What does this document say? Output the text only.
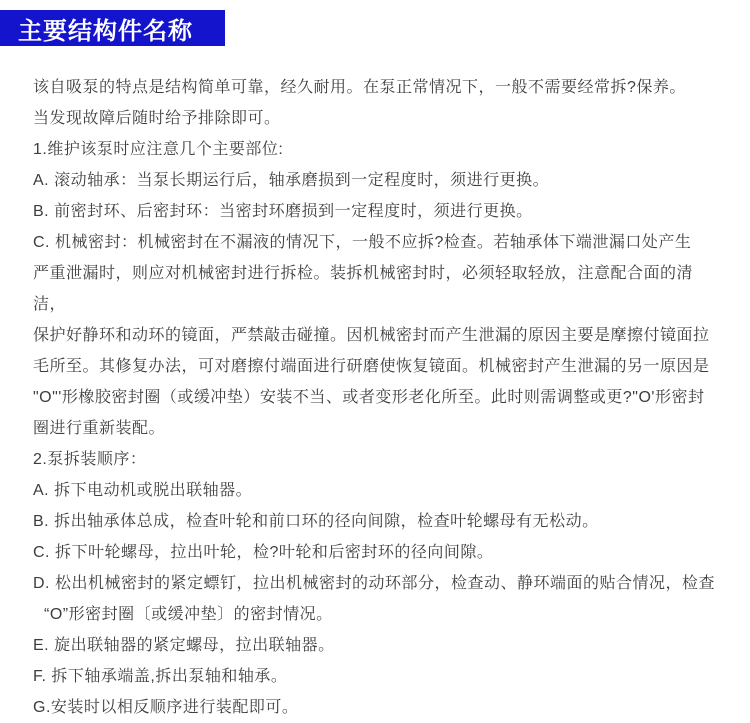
主要结构件名称
该自吸泵的特点是结构简单可靠，经久耐用。在泵正常情况下，一般不需要经常拆?保养。
当发现故障后随时给予排除即可。
1.维护该泵时应注意几个主要部位:
A. 滚动轴承：当泵长期运行后，轴承磨损到一定程度时，须进行更换。
B. 前密封环、后密封环：当密封环磨损到一定程度时，须进行更换。
C. 机械密封：机械密封在不漏液的情况下，一般不应拆?检查。若轴承体下端泄漏口处产生
严重泄漏时，则应对机械密封进行拆检。装拆机械密封时，必须轻取轻放，注意配合面的清洁，
保护好静环和动环的镜面，严禁敲击碰撞。因机械密封而产生泄漏的原因主要是摩擦付镜面拉
毛所至。其修复办法，可对磨擦付端面进行研磨使恢复镜面。机械密封产生泄漏的另一原因是
"O"'形橡胶密封圈（或缓冲垫）安装不当、或者变形老化所至。此时则需调整或更?"O'形密封
圈进行重新装配。
2.泵拆装顺序：
A. 拆下电动机或脱出联轴器。
B. 拆出轴承体总成，检查叶轮和前口环的径向间隙，检查叶轮螺母有无松动。
C. 拆下叶轮螺母，拉出叶轮，检?叶轮和后密封环的径向间隙。
D. 松出机械密封的紧定螵钉，拉出机械密封的动环部分，检查动、静环端面的贴合情况，检查
“O”形密封圈〔或缓冲垫〕的密封情况。
E. 旋出联轴器的紧定螺母，拉出联轴器。
F. 拆下轴承端盖,拆出泵轴和轴承。
G.安装时以相反顺序进行装配即可。
